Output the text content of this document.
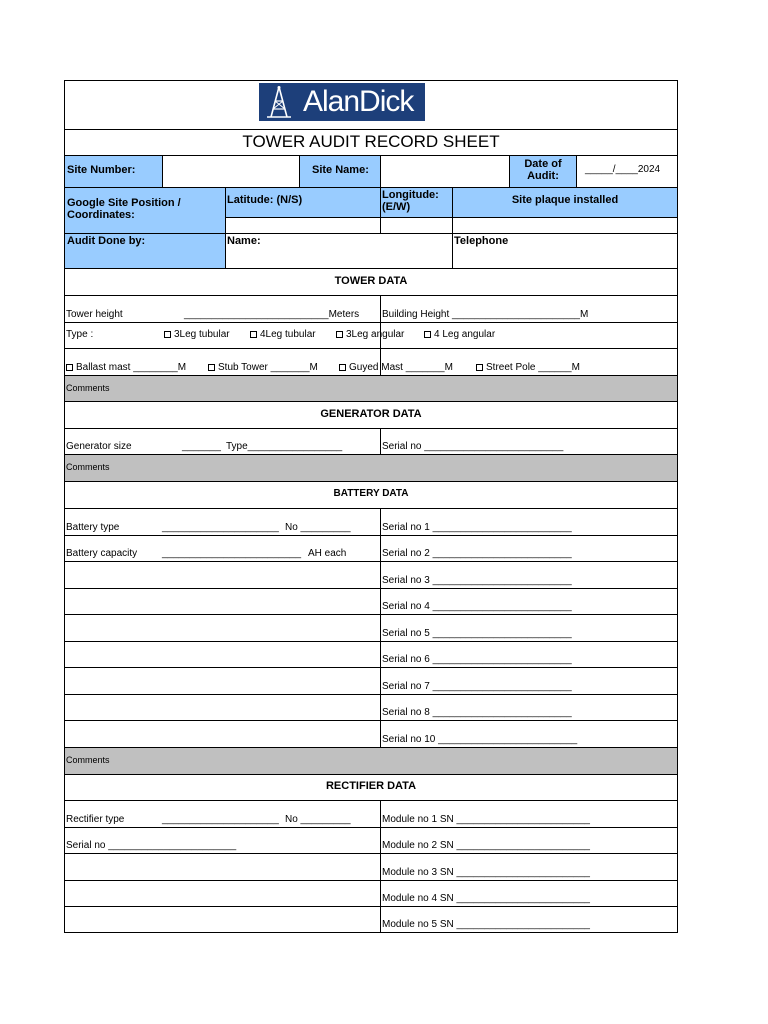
AlanDick
TOWER AUDIT RECORD SHEET
Site Number:	Site Name:	Date of Audit:
_____/____2024
Google Site Position / Coordinates:
Latitude: (N/S)	Longitude: (E/W)
Site plaque installed
Audit Done by:	Name:	Telephone
TOWER DATA
Tower height	__________________________Meters Building Height _______________________M
Type :	3Leg tubular	4Leg tubular	3Leg angular	4 Leg angular
Ballast mast ________M	Stub Tower _______M	Guyed Mast _______M	Street Pole ______M
Comments
GENERATOR DATA
Generator size	_______ Type_________________	Serial no _________________________
Comments
BATTERY DATA
Battery type	_____________________ No _________	Serial no 1 _________________________
Battery capacity _________________________ AH each	Serial no 2 _________________________
Serial no 3 _________________________
Serial no 4 _________________________
Serial no 5 _________________________
Serial no 6 _________________________
Serial no 7 _________________________
Serial no 8 _________________________
Serial no 10 _________________________
Comments
RECTIFIER DATA
Rectifier type	_____________________ No _________	Module no 1 SN ________________________
Serial no _______________________	Module no 2 SN ________________________
Module no 3 SN ________________________
Module no 4 SN ________________________
Module no 5 SN ________________________
